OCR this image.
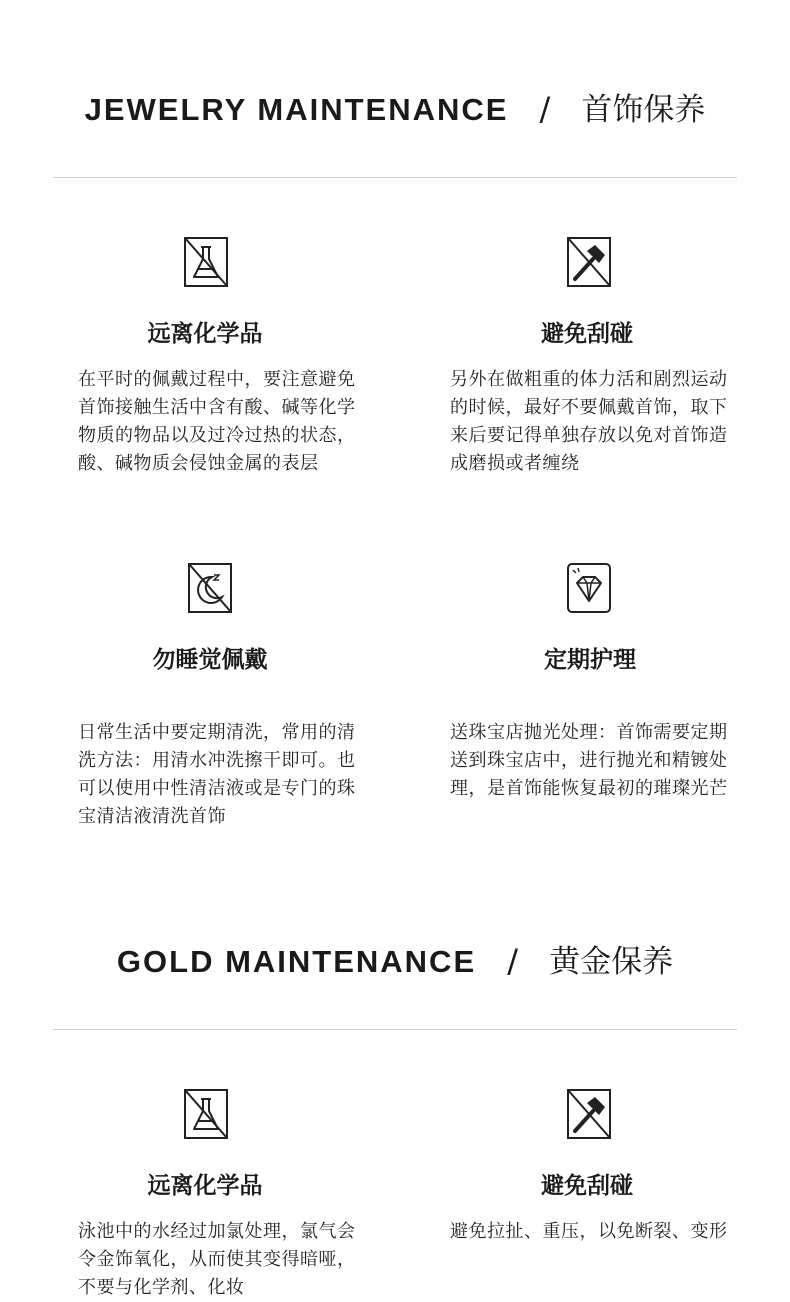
JEWELRY MAINTENANCE / 首饰保养
远离化学品
在平时的佩戴过程中，要注意避免首饰接触生活中含有酸、碱等化学物质的物品以及过冷过热的状态，酸、碱物质会侵蚀金属的表层
避免刮碰
另外在做粗重的体力活和剧烈运动的时候，最好不要佩戴首饰，取下来后要记得单独存放以免对首饰造成磨损或者缠绕
勿睡觉佩戴
日常生活中要定期清洗，常用的清洗方法：用清水冲洗擦干即可。也可以使用中性清洁液或是专门的珠宝清洁液清洗首饰
定期护理
送珠宝店抛光处理：首饰需要定期送到珠宝店中，进行抛光和精镀处理，是首饰能恢复最初的璀璨光芒
GOLD MAINTENANCE / 黄金保养
远离化学品
泳池中的水经过加氯处理，氯气会令金饰氧化，从而使其变得暗哑，不要与化学剂、化妆
避免刮碰
避免拉扯、重压，以免断裂、变形
